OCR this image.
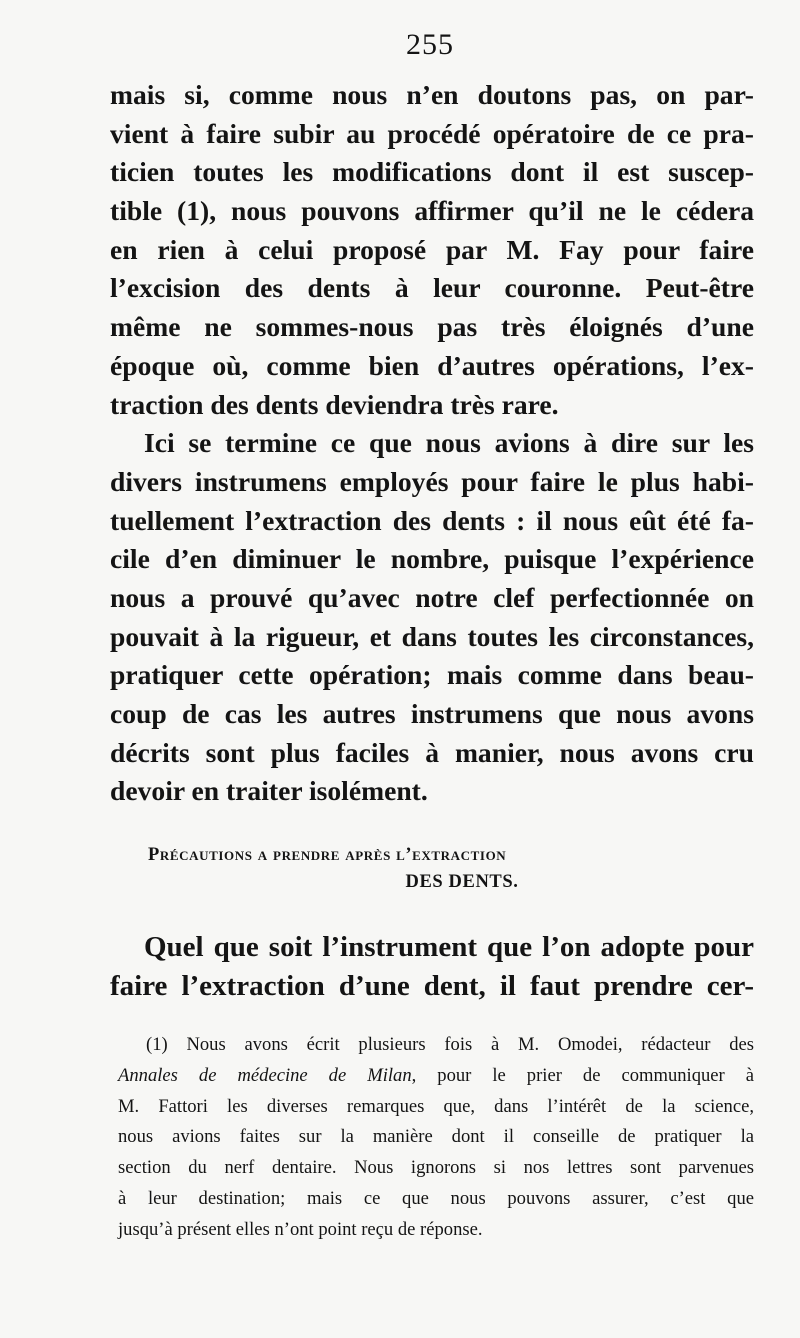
255
mais si, comme nous n’en doutons pas, on par-
vient à faire subir au procédé opératoire de ce pra-
ticien toutes les modifications dont il est suscep-
tible (1), nous pouvons affirmer qu’il ne le cédera
en rien à celui proposé par M. Fay pour faire
l’excision des dents à leur couronne. Peut-être
même ne sommes-nous pas très éloignés d’une
époque où, comme bien d’autres opérations, l’ex-
traction des dents deviendra très rare.
Ici se termine ce que nous avions à dire sur les
divers instrumens employés pour faire le plus habi-
tuellement l’extraction des dents : il nous eût été fa-
cile d’en diminuer le nombre, puisque l’expérience
nous a prouvé qu’avec notre clef perfectionnée on
pouvait à la rigueur, et dans toutes les circonstances,
pratiquer cette opération; mais comme dans beau-
coup de cas les autres instrumens que nous avons
décrits sont plus faciles à manier, nous avons cru
devoir en traiter isolément.
Précautions a prendre après l’extraction
DES DENTS.
Quel que soit l’instrument que l’on adopte pour
faire l’extraction d’une dent, il faut prendre cer-
(1) Nous avons écrit plusieurs fois à M. Omodei, rédacteur des
Annales de médecine de Milan, pour le prier de communiquer à
M. Fattori les diverses remarques que, dans l’intérêt de la science,
nous avions faites sur la manière dont il conseille de pratiquer la
section du nerf dentaire. Nous ignorons si nos lettres sont parvenues
à leur destination; mais ce que nous pouvons assurer, c’est que
jusqu’à présent elles n’ont point reçu de réponse.
